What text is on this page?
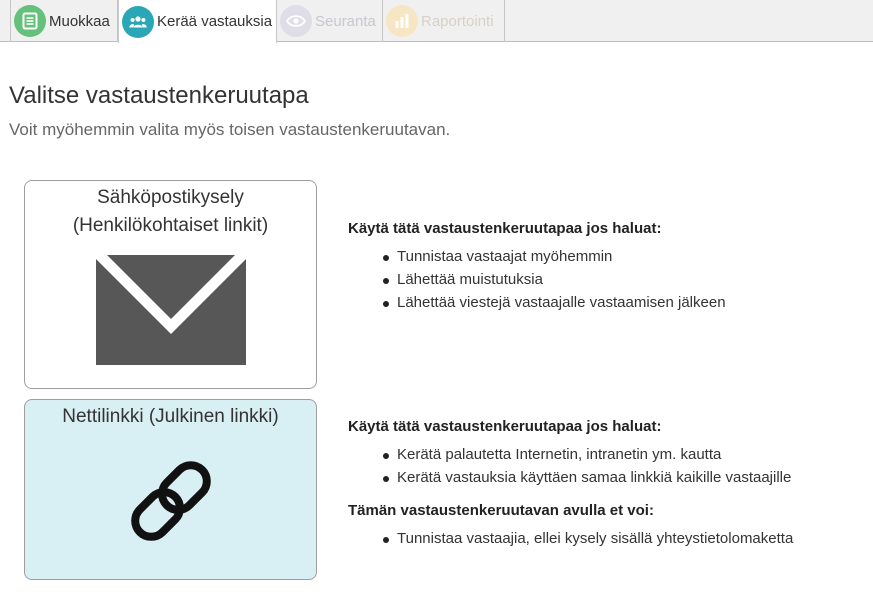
Muokkaa	Kerää vastauksia	Seuranta	Raportointi
Valitse vastaustenkeruutapa
Voit myöhemmin valita myös toisen vastaustenkeruutavan.
Sähköpostikysely
(Henkilökohtaiset linkit)
Nettilinkki (Julkinen linkki)
Käytä tätä vastaustenkeruutapaa jos haluat:
Tunnistaa vastaajat myöhemmin
Lähettää muistutuksia
Lähettää viestejä vastaajalle vastaamisen jälkeen
Käytä tätä vastaustenkeruutapaa jos haluat:
Kerätä palautetta Internetin, intranetin ym. kautta
Kerätä vastauksia käyttäen samaa linkkiä kaikille vastaajille
Tämän vastaustenkeruutavan avulla et voi:
Tunnistaa vastaajia, ellei kysely sisällä yhteystietolomaketta
